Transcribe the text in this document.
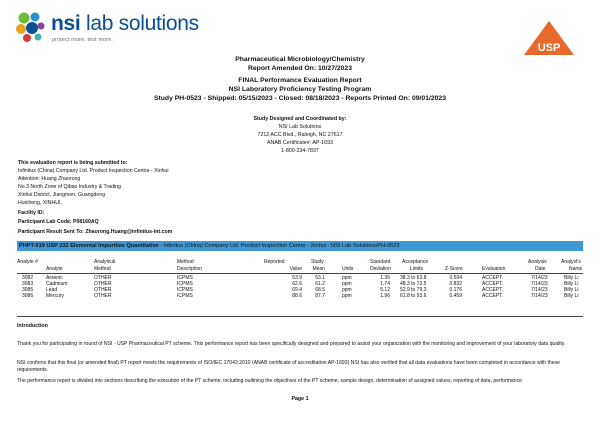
nsi lab solutions
protect more. test more.
USP
Pharmaceutical Microbiology/Chemistry
Report Amended On: 10/27/2023
FINAL Performance Evaluation Report
NSI Laboratory Proficiency Testing Program
Study PH-0523 - Shipped: 05/15/2023 - Closed: 08/18/2023 - Reports Printed On: 09/01/2023
Study Designed and Coordinated by:
NSI Lab Solutions
7212 ACC Blvd., Raleigh, NC 27617
ANAB Certificate#: AP-1693
1-800-234-7837
This evaluation report is being submitted to:
Infinitus (China) Company Ltd. Product Inspection Centre - Xinhui
Attention: Huang Zhaorong
No.3 North Zone of Qibao Industry & Trading
Xinhui District, Jiangmen, Guangdong
Huicheng, XINHUI,
Facility ID:
Participant Lab Code: P08160AQ
Participant Result Sent To: Zhaorong.Huang@infinitus-int.com
PHPT-019 USP 232 Elemental Impurities Quantitative - Infinitus (China) Company Ltd. Product Inspection Centre - Xinhui - NSI Lab Solutions/PH-0523
Analyte #	Analytical	Method	Reported	Study	Standard Acceptance	Analysis	Analyst's
Analyte	Method	Description	Value	Mean	Units	Deviation	Limits	Z-Score	Evaluation	Date	Name
3082	Arsenic	OTHER	ICPMS	53.9	53.1	ppm	1.35 38.3 to 63.8	0.594	ACCEPT.	7/14/23	Billy Li
3083	Cadmium	OTHER	ICPMS	62.6	61.2	ppm	1.74 48.3 to 72.5	0.832	ACCEPT.	7/14/23	Billy Li
3085	Lead	OTHER	ICPMS	69.4	68.5	ppm	5.12 52.9 to 79.3	0.176	ACCEPT.	7/14/23	Billy Li
3086	Mercury	OTHER	ICPMS	88.6	87.7	ppm	1.96 61.8 to 93.6	0.459	ACCEPT.	7/14/23	Billy Li
Introduction
Thank you for participating in round of NSI - USP Pharmaceutical PT scheme. This performance report has been specifically designed and prepared to assist your organization with the monitoring and improvement of your laboratory data quality.
NSI confirms that this final (or amended final) PT report meets the requirements of ISO/IEC 17043:2010 (ANAB certificate of accreditation AP-1693) NSI has also verified that all data evaluations have been completed in accordance with these requirements.
The performance report is divided into sections describing the execution of the PT scheme, including outlining the objectives of the PT scheme, sample design, determination of assigned values, reporting of data, performance
Page 1
